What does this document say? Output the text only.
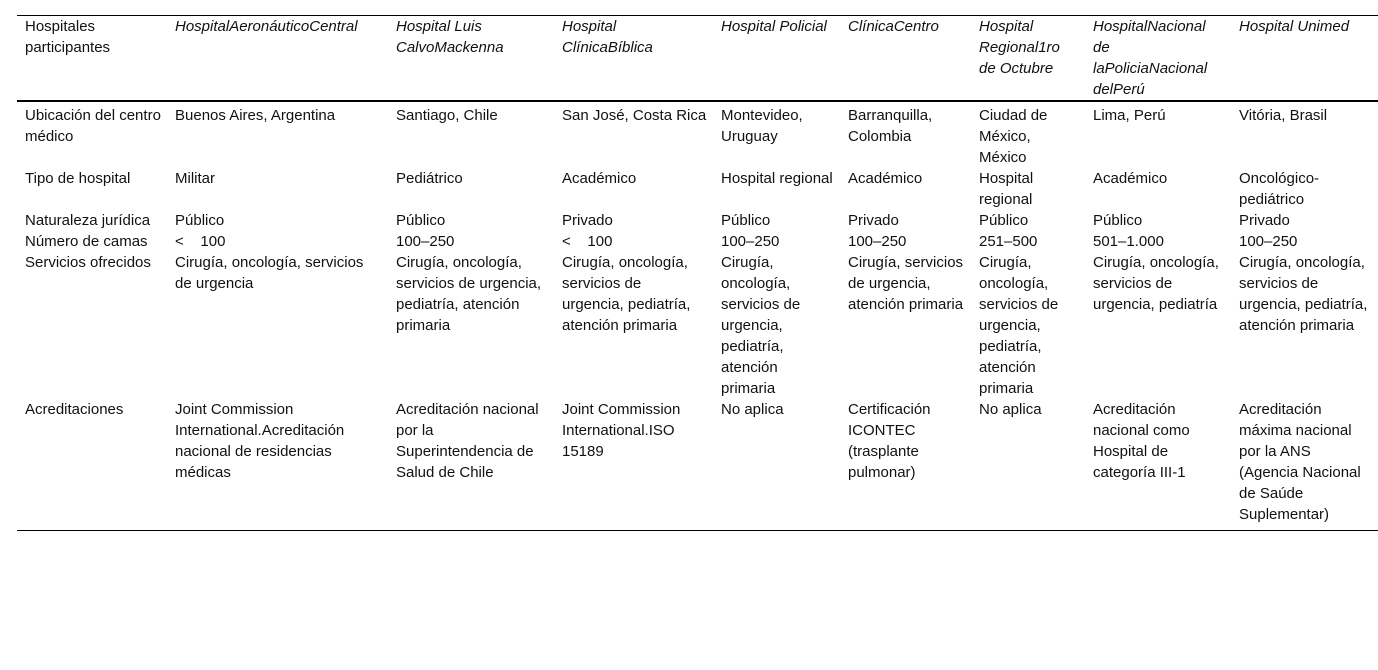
Hospitales participantes	HospitalAeronáuticoCentral	Hospital Luis CalvoMackenna	Hospital ClínicaBíblica	Hospital Policial	ClínicaCentro	Hospital Regional1ro de Octubre	HospitalNacional de laPoliciaNacional delPerú	Hospital Unimed
Ubicación del centro médico	Buenos Aires, Argentina	Santiago, Chile	San José, Costa Rica	Montevideo, Uruguay	Barranquilla, Colombia	Ciudad de México, México	Lima, Perú	Vitória, Brasil
Tipo de hospital	Militar	Pediátrico	Académico	Hospital regional	Académico	Hospital regional	Académico	Oncológico-pediátrico
Naturaleza jurídica	Público	Público	Privado	Público	Privado	Público	Público	Privado
Número de camas	<    100	100–250	<    100	100–250	100–250	251–500	501–1.000	100–250
Servicios ofrecidos	Cirugía, oncología, servicios de urgencia	Cirugía, oncología, servicios de urgencia, pediatría, atención primaria	Cirugía, oncología, servicios de urgencia, pediatría, atención primaria	Cirugía, oncología, servicios de urgencia, pediatría, atención primaria	Cirugía, servicios de urgencia, atención primaria	Cirugía, oncología, servicios de urgencia, pediatría, atención primaria	Cirugía, oncología, servicios de urgencia, pediatría	Cirugía, oncología, servicios de urgencia, pediatría, atención primaria
Acreditaciones	Joint Commission International.Acreditación nacional de residencias médicas	Acreditación nacional por la Superintendencia de Salud de Chile	Joint Commission International.ISO 15189	No aplica	Certificación ICONTEC (trasplante pulmonar)	No aplica	Acreditación nacional como Hospital de categoría III-1	Acreditación máxima nacional por la ANS (Agencia Nacional de Saúde Suplementar)
